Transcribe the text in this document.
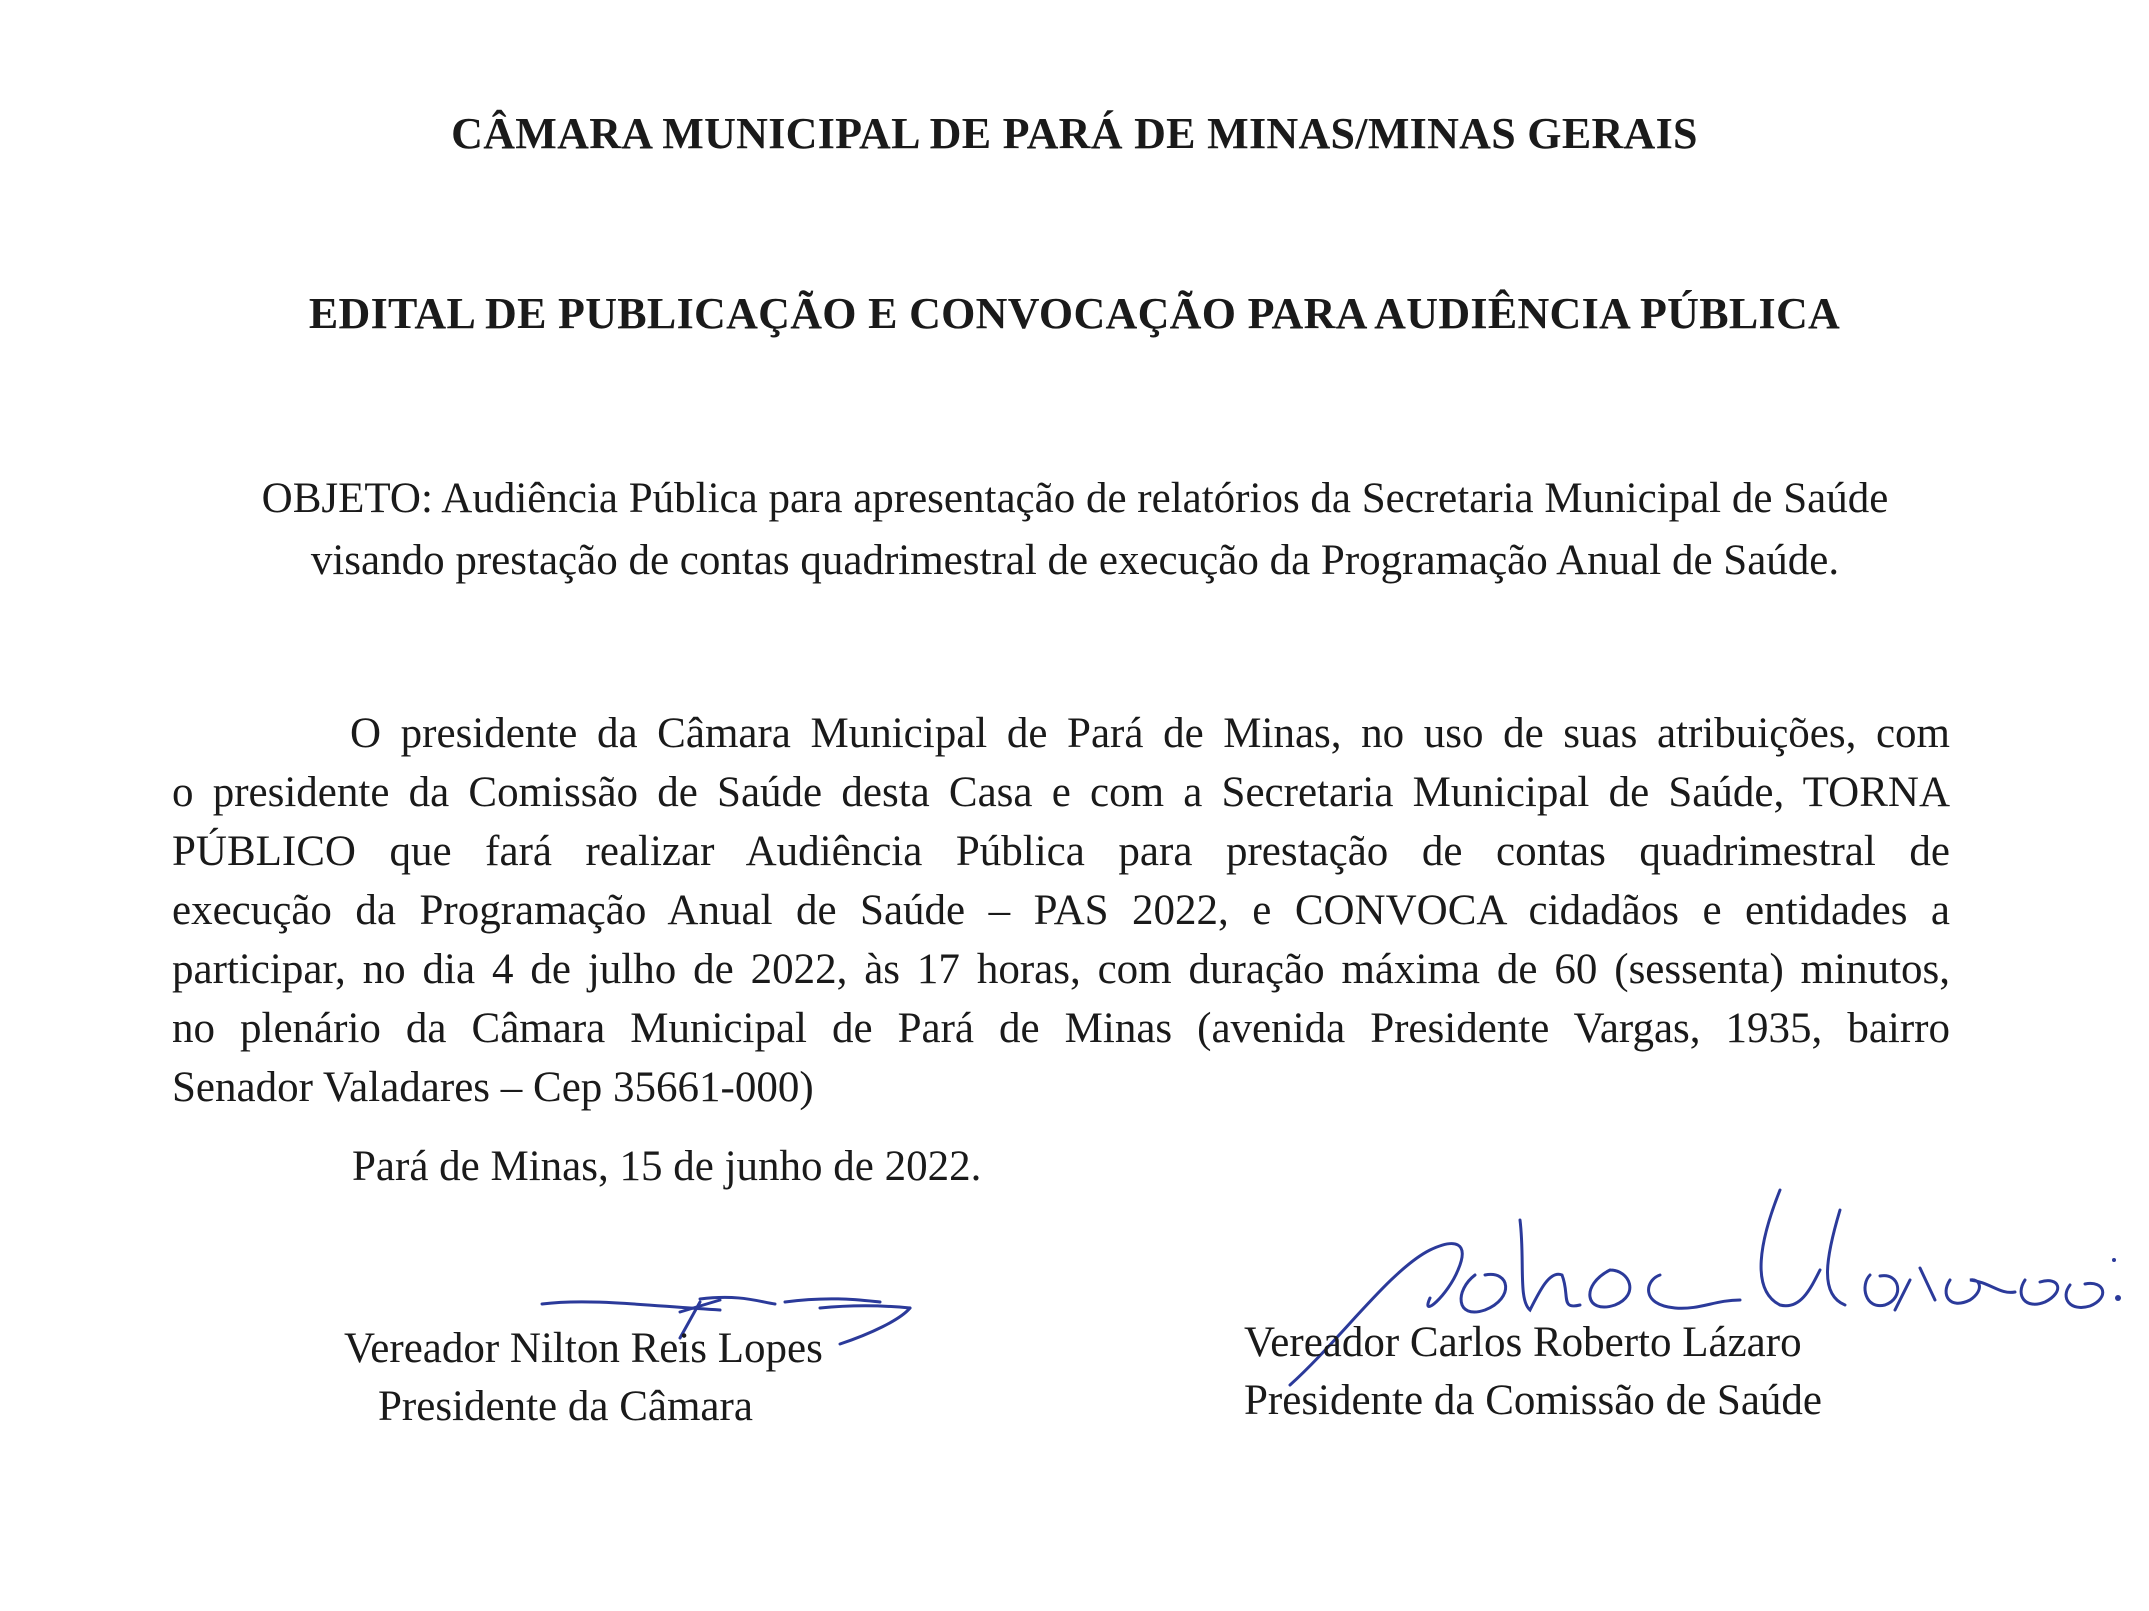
CÂMARA MUNICIPAL DE PARÁ DE MINAS/MINAS GERAIS
EDITAL DE PUBLICAÇÃO E CONVOCAÇÃO PARA AUDIÊNCIA PÚBLICA

OBJETO: Audiência Pública para apresentação de relatórios da Secretaria Municipal de Saúde
visando prestação de contas quadrimestral de execução da Programação Anual de Saúde.

O presidente da Câmara Municipal de Pará de Minas, no uso de suas atribuições, com
o presidente da Comissão de Saúde desta Casa e com a Secretaria Municipal de Saúde, TORNA
PÚBLICO que fará realizar Audiência Pública para prestação de contas quadrimestral de
execução da Programação Anual de Saúde – PAS 2022, e CONVOCA cidadãos e entidades a
participar, no dia 4 de julho de 2022, às 17 horas, com duração máxima de 60 (sessenta) minutos,
no plenário da Câmara Municipal de Pará de Minas (avenida Presidente Vargas, 1935, bairro
Senador Valadares – Cep 35661-000)

Pará de Minas, 15 de junho de 2022.

Vereador Nilton Reis Lopes
Presidente da Câmara
Vereador Carlos Roberto Lázaro
Presidente da Comissão de Saúde
